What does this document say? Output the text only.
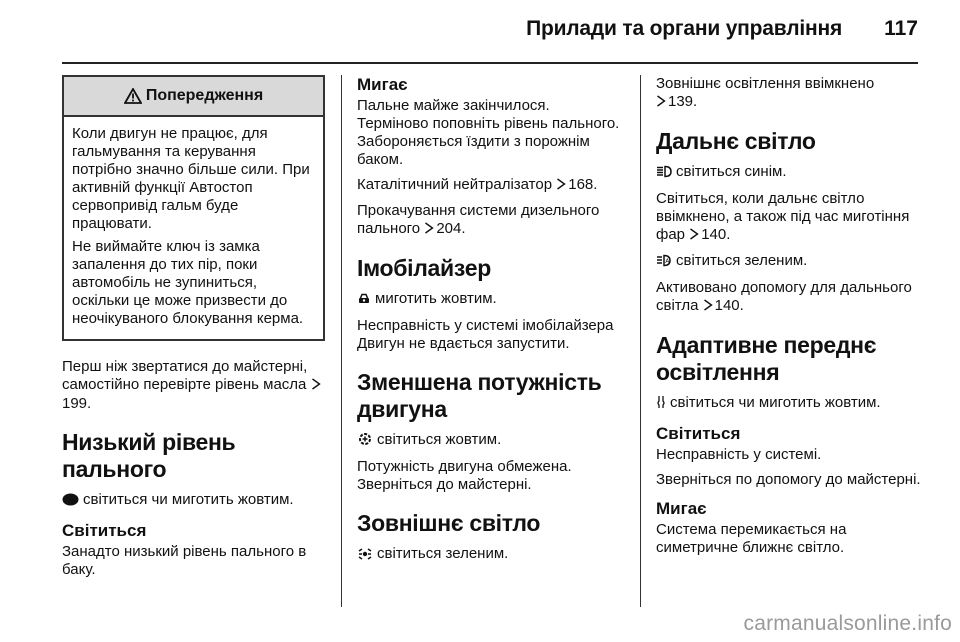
Прилади та органи управління 117
Попередження

Коли двигун не працює, для гальмування та керування потрібно значно більше сили. При активній функції Автостоп сервопривід гальм буде працювати.

Не виймайте ключ із замка запалення до тих пір, поки автомобіль не зупиниться, оскільки це може призвести до неочікуваного блокування керма.

Перш ніж звертатися до майстерні, самостійно перевірте рівень масла 199.

Низький рівень пального

світиться чи миготить жовтим.

Світиться

Занадто низький рівень пального в баку.

Мигає

Пальне майже закінчилося. Терміново поповніть рівень пального. Забороняється їздити з порожнім баком.

Каталітичний нейтралізатор 168.

Прокачування системи дизельного пального 204.

Імобілайзер

миготить жовтим.

Несправність у системі імобілайзера Двигун не вдається запустити.

Зменшена потужність двигуна

світиться жовтим.

Потужність двигуна обмежена. Зверніться до майстерні.

Зовнішнє світло

світиться зеленим.

Зовнішнє освітлення ввімкнено
139.

Дальнє світло

світиться синім.

Світиться, коли дальнє світло ввімкнено, а також під час миготіння фар 140.

A світиться зеленим.

Активовано допомогу для дальнього світла 140.

Адаптивне переднє освітлення

світиться чи миготить жовтим.

Світиться

Несправність у системі.

Зверніться по допомогу до майстерні.

Мигає

Система перемикається на симетричне ближнє світло.

carmanualsonline.info
